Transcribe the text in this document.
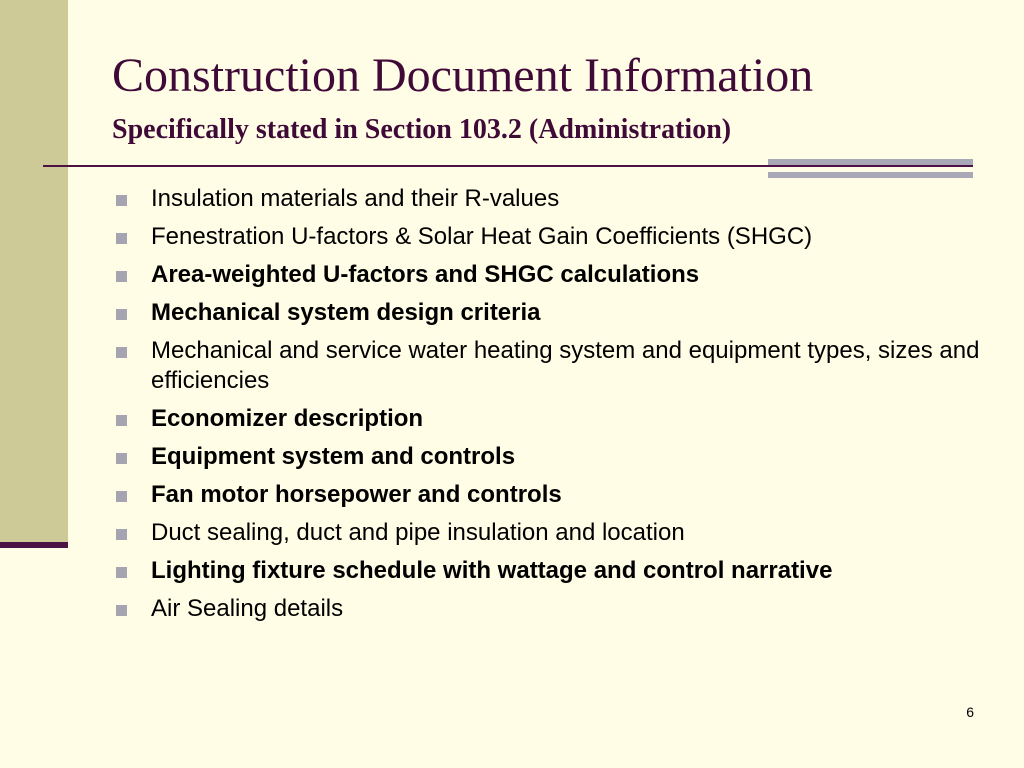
Construction Document Information
Specifically stated in Section 103.2 (Administration)
Insulation materials and their R-values
Fenestration U-factors & Solar Heat Gain Coefficients (SHGC)
Area-weighted U-factors and SHGC calculations
Mechanical system design criteria
Mechanical and service water heating system and equipment types, sizes and efficiencies
Economizer description
Equipment system and controls
Fan motor horsepower and controls
Duct sealing, duct and pipe insulation and location
Lighting fixture schedule with wattage and control narrative
Air Sealing details
6
